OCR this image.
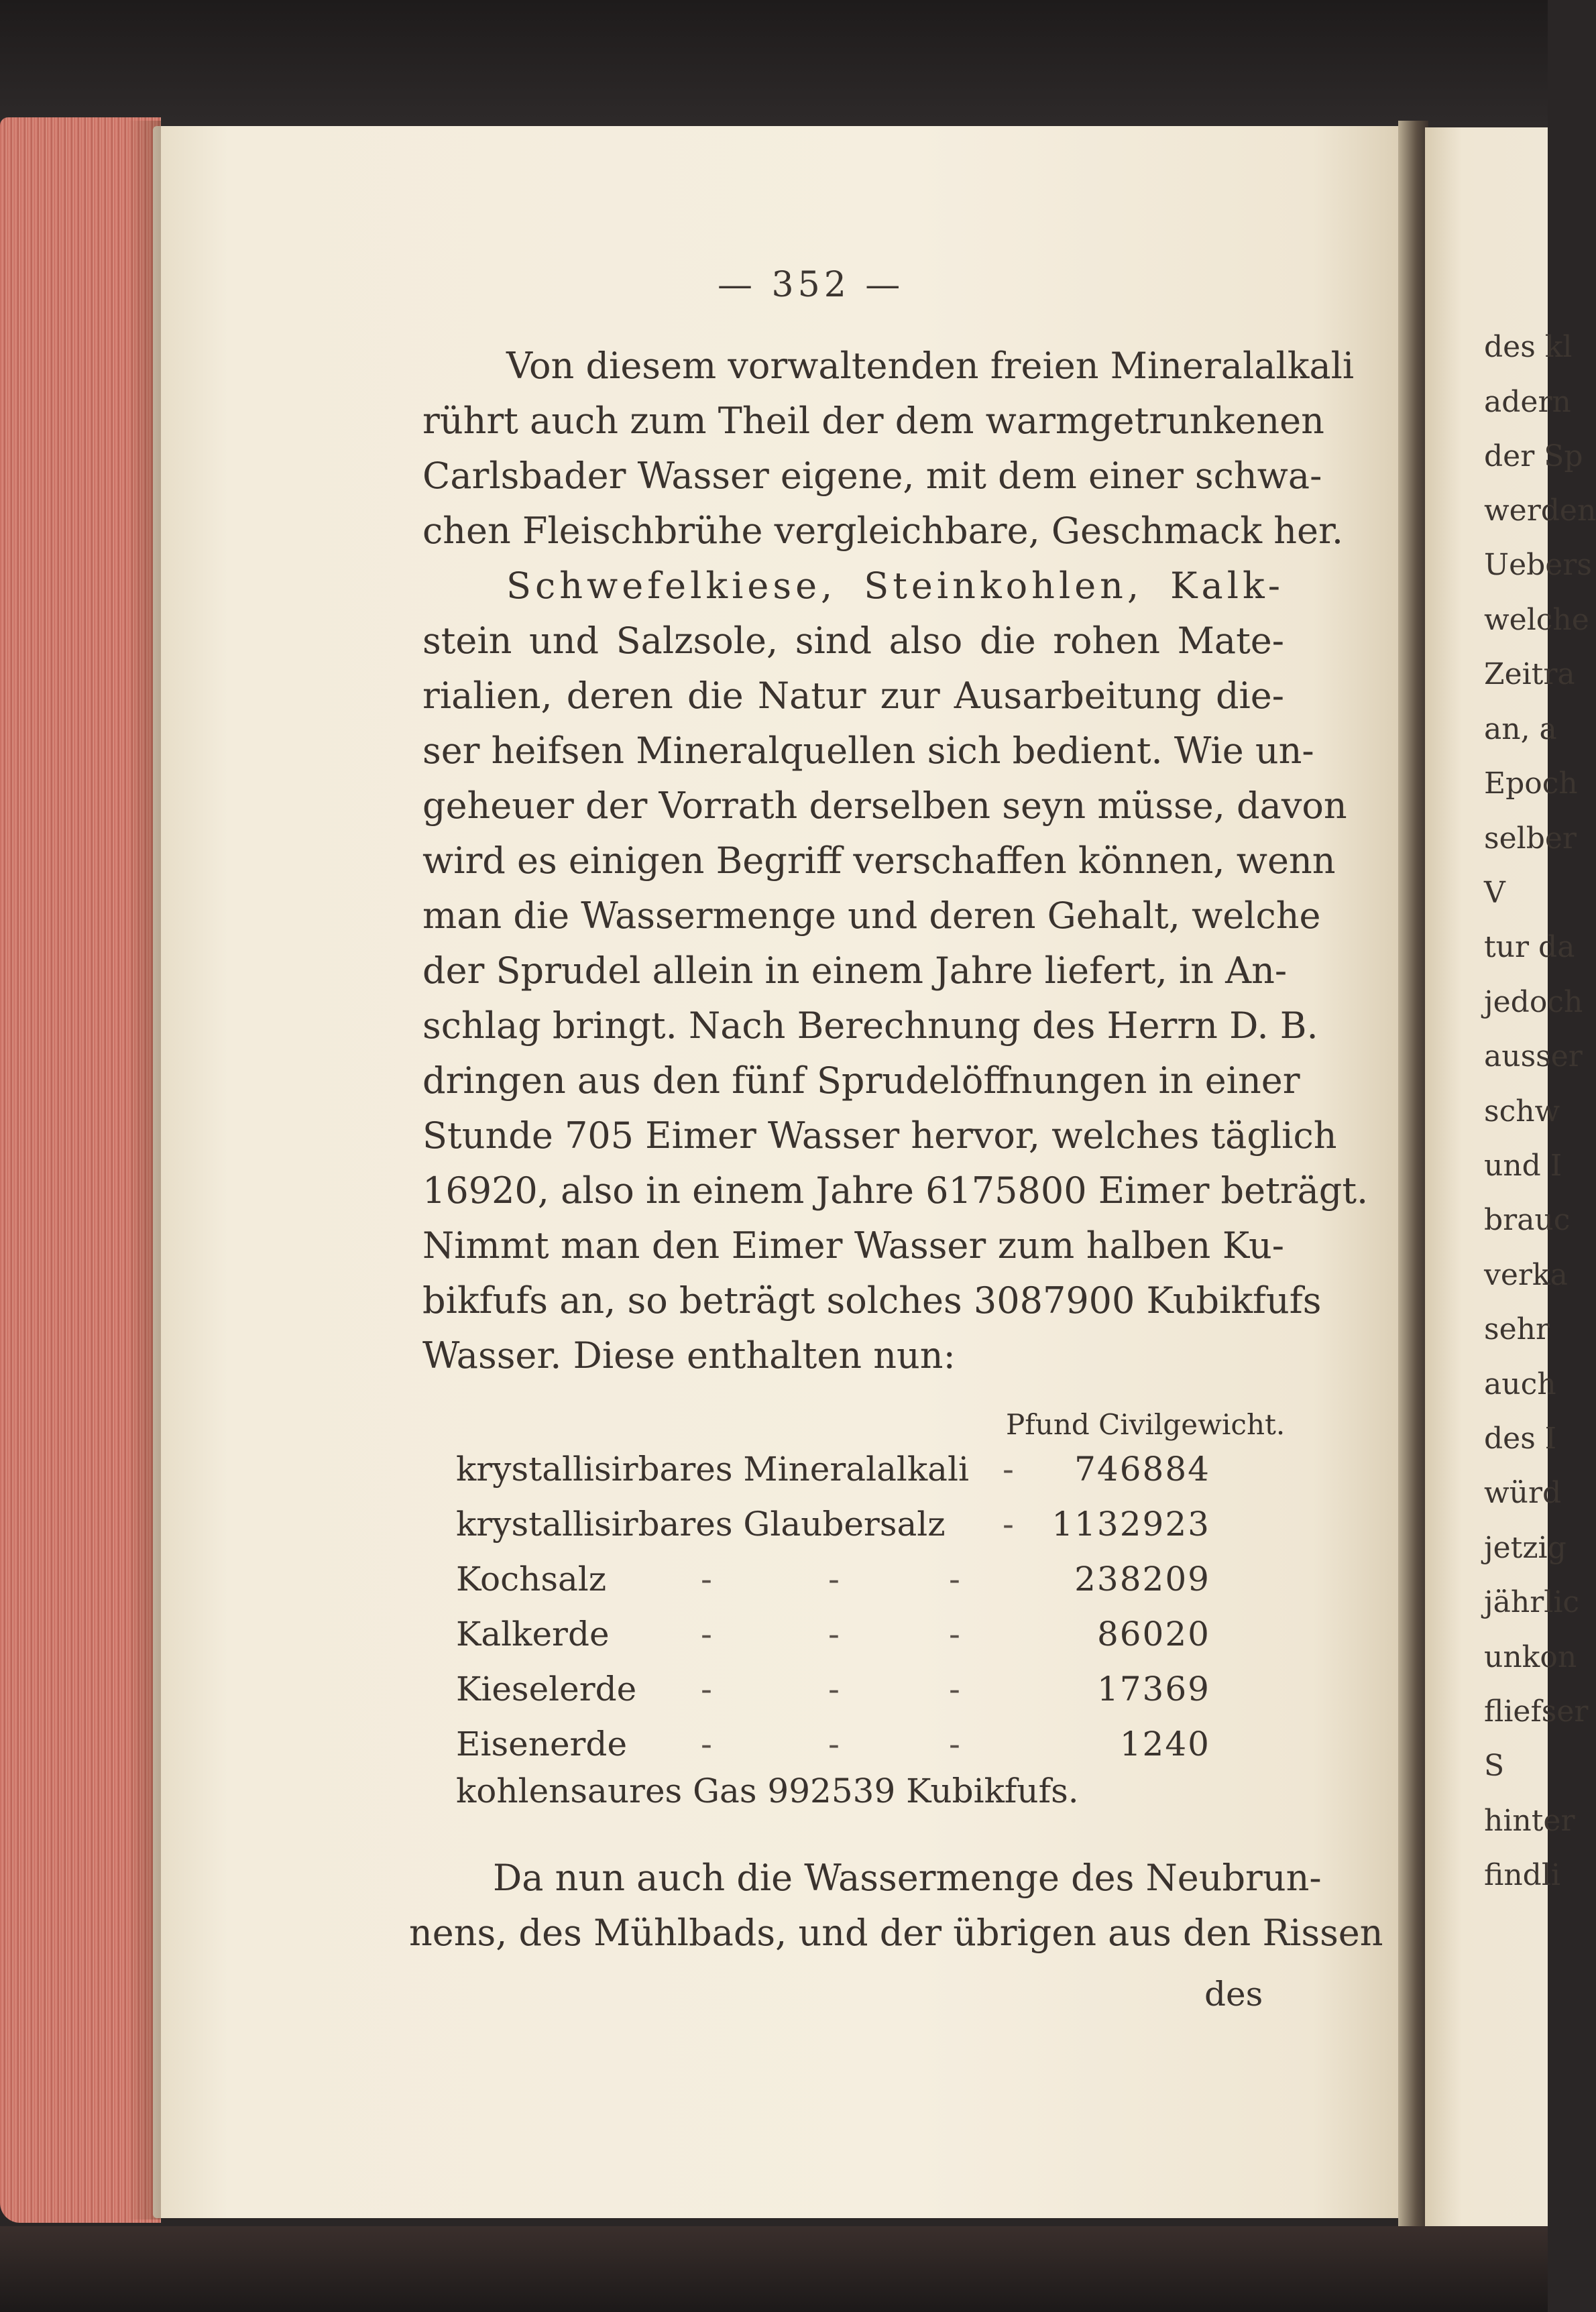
des kl
adern
der Sp
werden
Uebers
welche
Zeitra
an, a
Epoch
selber
V
tur da
jedoch
ausser
schw
und I
brauc
verka
sehr
auch
des I
würd
jetzig
jährlic
unkon
fliefser
S
hinter
findli
— 352 —
Von diesem vorwaltenden freien Mineralalkali
rührt auch zum Theil der dem warmgetrunkenen
Carlsbader Wasser eigene, mit dem einer schwa-
chen Fleischbrühe vergleichbare, Geschmack her.
Schwefelkiese, Steinkohlen, Kalk-
stein und Salzsole, sind also die rohen Mate-
rialien, deren die Natur zur Ausarbeitung die-
ser heifsen Mineralquellen sich bedient. Wie un-
geheuer der Vorrath derselben seyn müsse, davon
wird es einigen Begriff verschaffen können, wenn
man die Wassermenge und deren Gehalt, welche
der Sprudel allein in einem Jahre liefert, in An-
schlag bringt. Nach Berechnung des Herrn D. B.
dringen aus den fünf Sprudelöffnungen in einer
Stunde 705 Eimer Wasser hervor, welches täglich
16920, also in einem Jahre 6175800 Eimer beträgt.
Nimmt man den Eimer Wasser zum halben Ku-
bikfufs an, so beträgt solches 3087900 Kubikfufs
Wasser. Diese enthalten nun:
Pfund Civilgewicht.
krystallisirbares Mineralalkali - 746884
krystallisirbares Glaubersalz - 1132923
Kochsalz	-	-	-	238209
Kalkerde	-	-	-	86020
Kieselerde -	-	-	17369
Eisenerde -	-	-	1240
kohlensaures Gas 992539 Kubikfufs.
Da nun auch die Wassermenge des Neubrun-
nens, des Mühlbads, und der übrigen aus den Rissen
des
